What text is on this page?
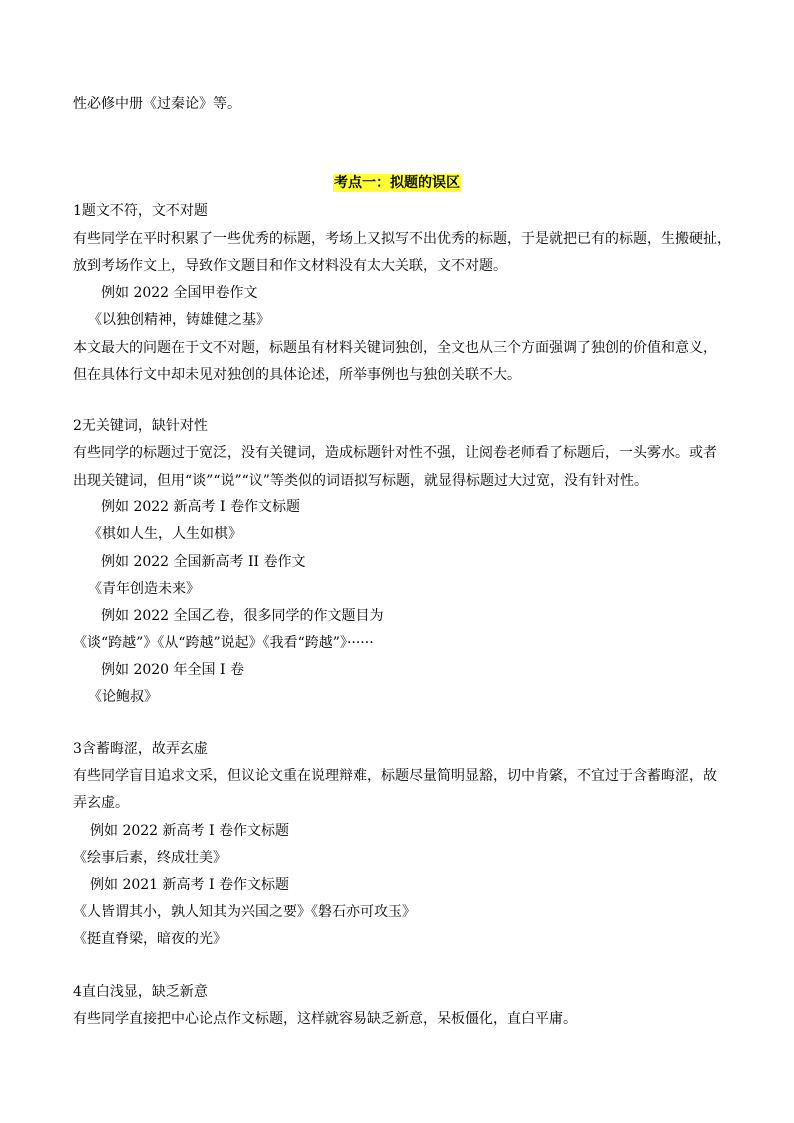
性必修中册《过秦论》等。
考点一：拟题的误区
1题文不符，文不对题
有些同学在平时积累了一些优秀的标题，考场上又拟写不出优秀的标题，于是就把已有的标题，生搬硬扯，
放到考场作文上，导致作文题目和作文材料没有太大关联，文不对题。
例如 2022 全国甲卷作文
《以独创精神，铸雄健之基》
本文最大的问题在于文不对题，标题虽有材料关键词独创，全文也从三个方面强调了独创的价值和意义，
但在具体行文中却未见对独创的具体论述，所举事例也与独创关联不大。
2无关键词，缺针对性
有些同学的标题过于宽泛，没有关键词，造成标题针对性不强，让阅卷老师看了标题后，一头雾水。或者
出现关键词，但用“谈”“说”“议”等类似的词语拟写标题，就显得标题过大过宽，没有针对性。
例如 2022 新高考 I 卷作文标题
《棋如人生，人生如棋》
例如 2022 全国新高考 II 卷作文
《青年创造未来》
例如 2022 全国乙卷，很多同学的作文题目为
《谈“跨越”》《从“跨越”说起》《我看“跨越”》······
例如 2020 年全国 I 卷
《论鲍叔》
3含蓄晦涩，故弄玄虚
有些同学盲目追求文采，但议论文重在说理辩难，标题尽量简明显豁，切中肯綮，不宜过于含蓄晦涩，故
弄玄虚。
例如 2022 新高考 I 卷作文标题
《绘事后素，终成壮美》
例如 2021 新高考 I 卷作文标题
《人皆谓其小，孰人知其为兴国之要》《磐石亦可攻玉》
《挺直脊梁，暗夜的光》
4直白浅显，缺乏新意
有些同学直接把中心论点作文标题，这样就容易缺乏新意，呆板僵化，直白平庸。
